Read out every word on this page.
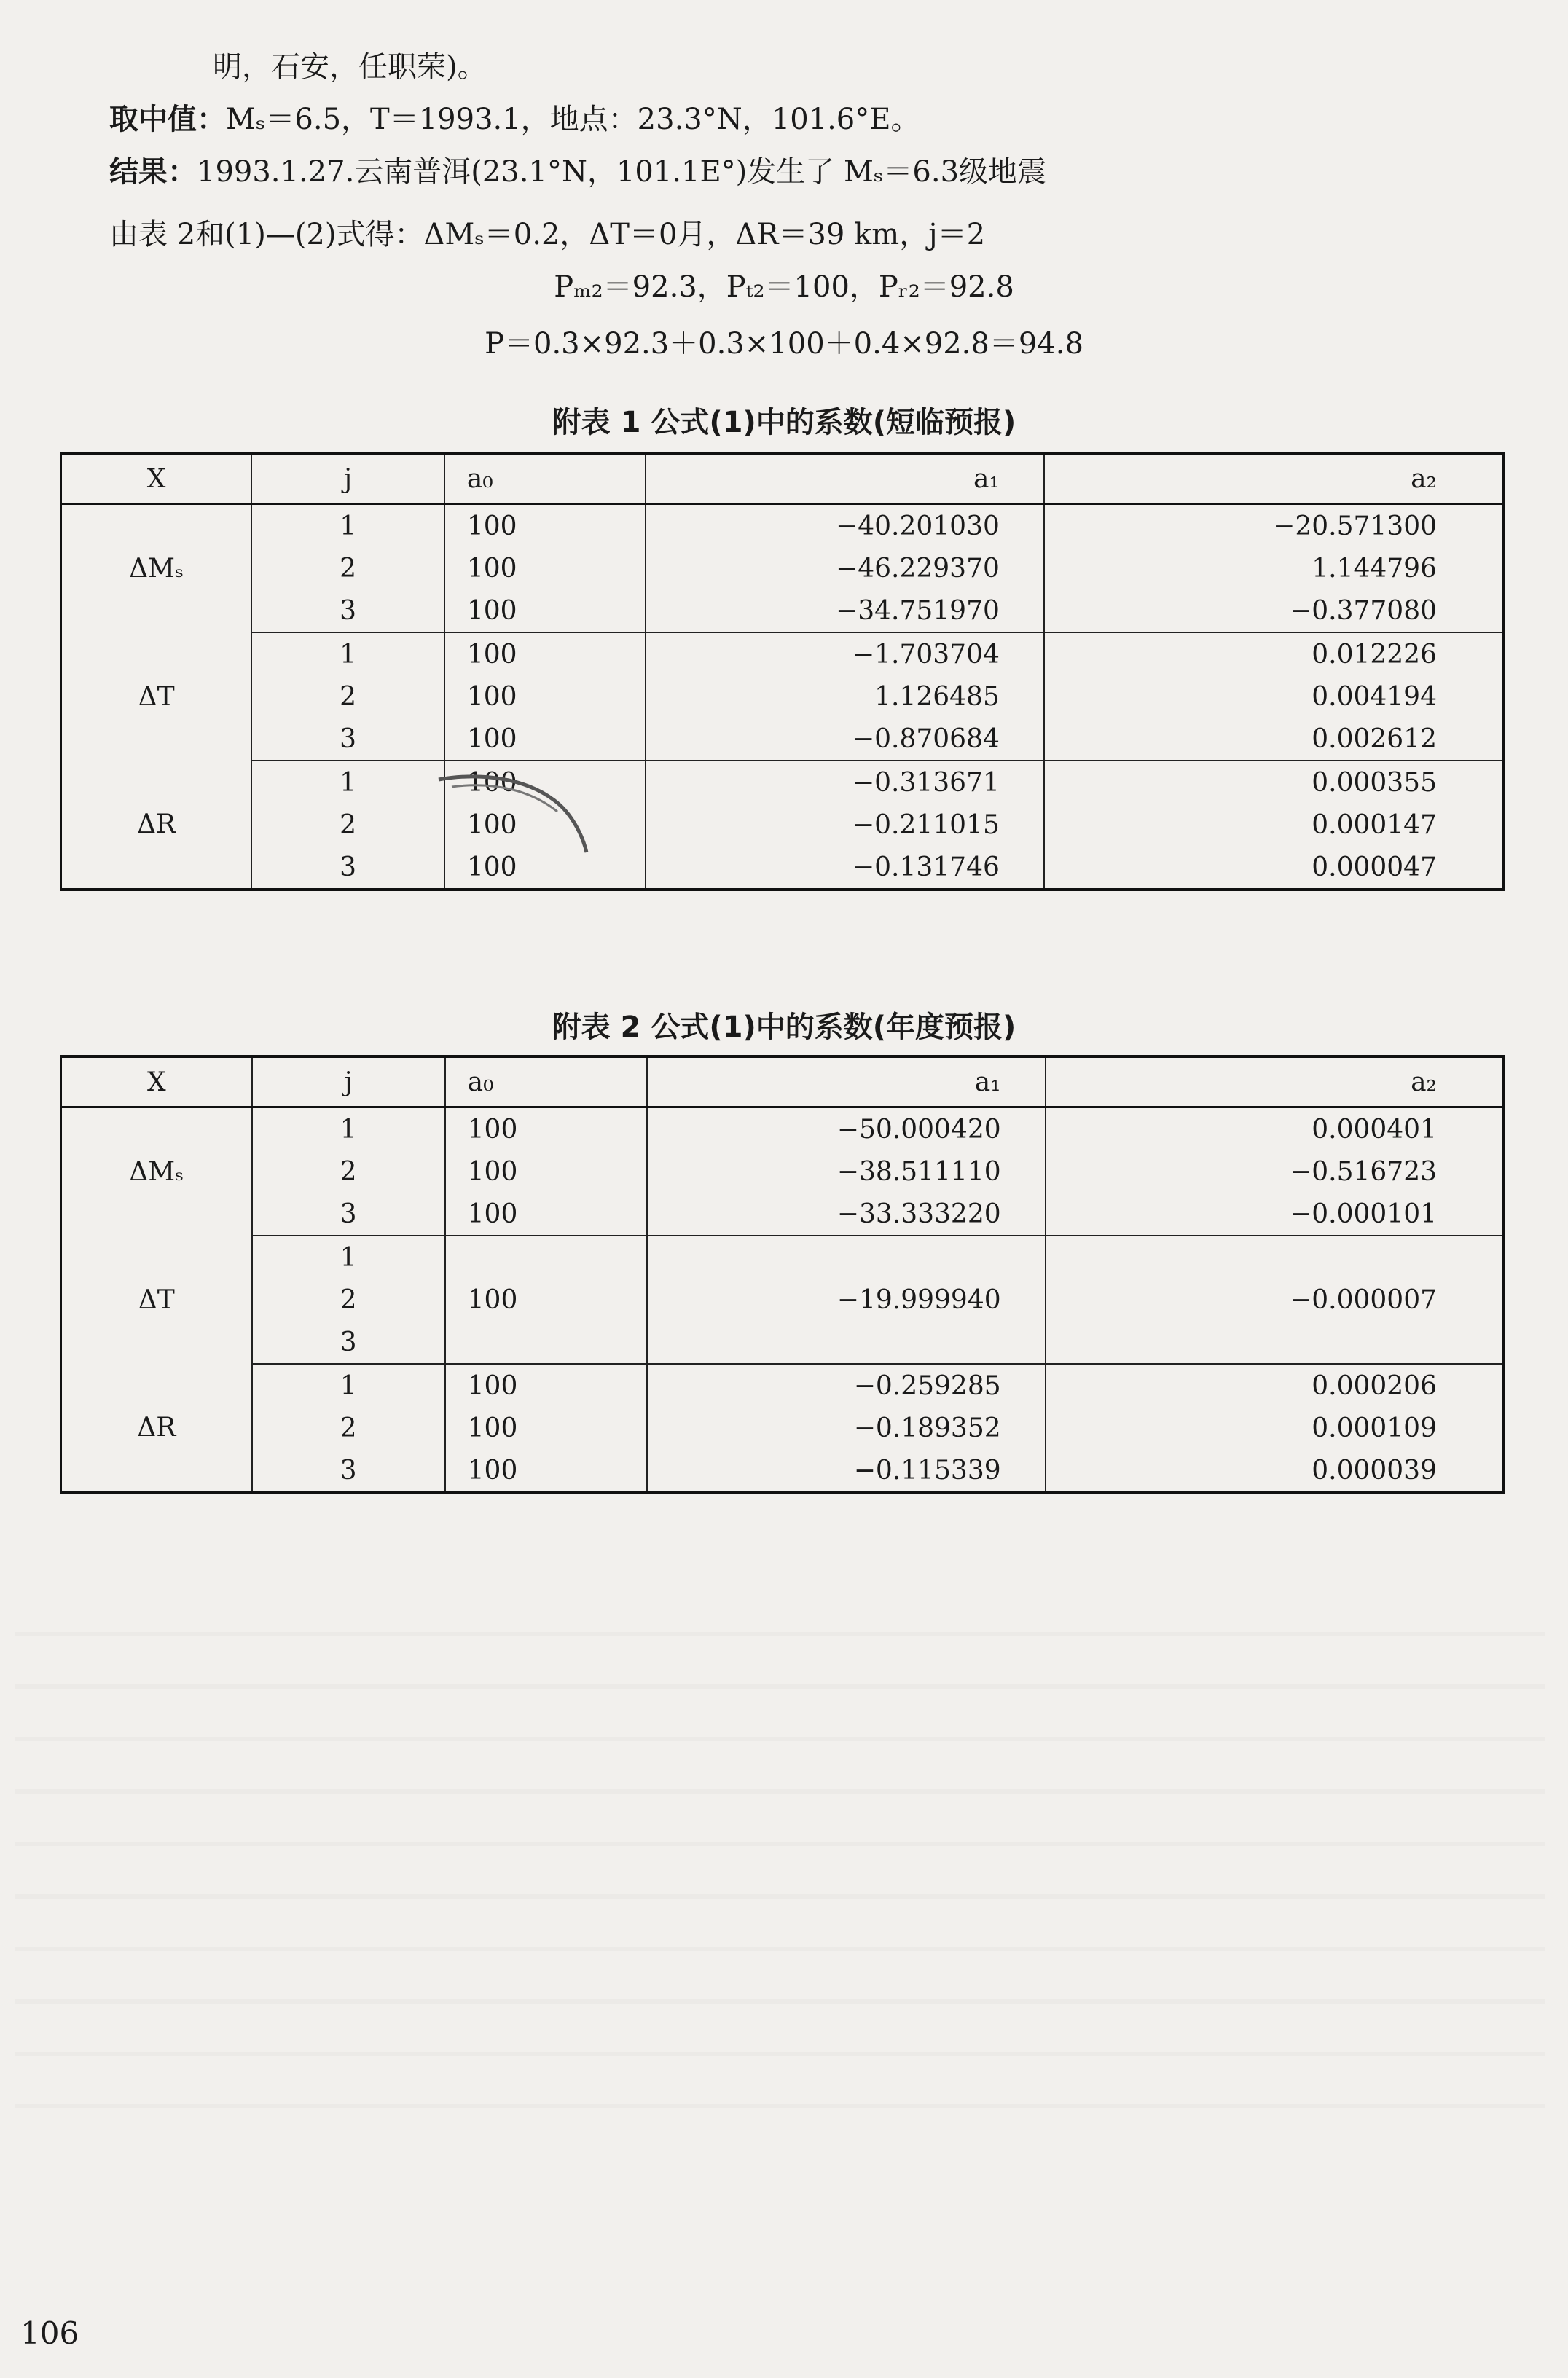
明，石安，任职荣)。
取中值：Mₛ＝6.5，T＝1993.1，地点：23.3°N，101.6°E。
结果：1993.1.27.云南普洱(23.1°N，101.1E°)发生了 Mₛ＝6.3级地震
由表 2和(1)—(2)式得：ΔMₛ＝0.2，ΔT＝0月，ΔR＝39 km，j＝2
Pₘ₂＝92.3，Pₜ₂＝100，Pᵣ₂＝92.8
P＝0.3×92.3＋0.3×100＋0.4×92.8＝94.8
附表 1 公式(1)中的系数(短临预报)
X	j	a₀	a₁	a₂
ΔMₛ	1	100	−40.201030	−20.571300
	2	100	−46.229370	1.144796
	3	100	−34.751970	−0.377080
ΔT	1	100	−1.703704	0.012226
	2	100	1.126485	0.004194
	3	100	−0.870684	0.002612
ΔR	1	100	−0.313671	0.000355
	2	100	−0.211015	0.000147
	3	100	−0.131746	0.000047
附表 2 公式(1)中的系数(年度预报)
X	j	a₀	a₁	a₂
ΔMₛ	1	100	−50.000420	0.000401
	2	100	−38.511110	−0.516723
	3	100	−33.333220	−0.000101
ΔT	1			
	2	100	−19.999940	−0.000007
	3			
ΔR	1	100	−0.259285	0.000206
	2	100	−0.189352	0.000109
	3	100	−0.115339	0.000039
106
